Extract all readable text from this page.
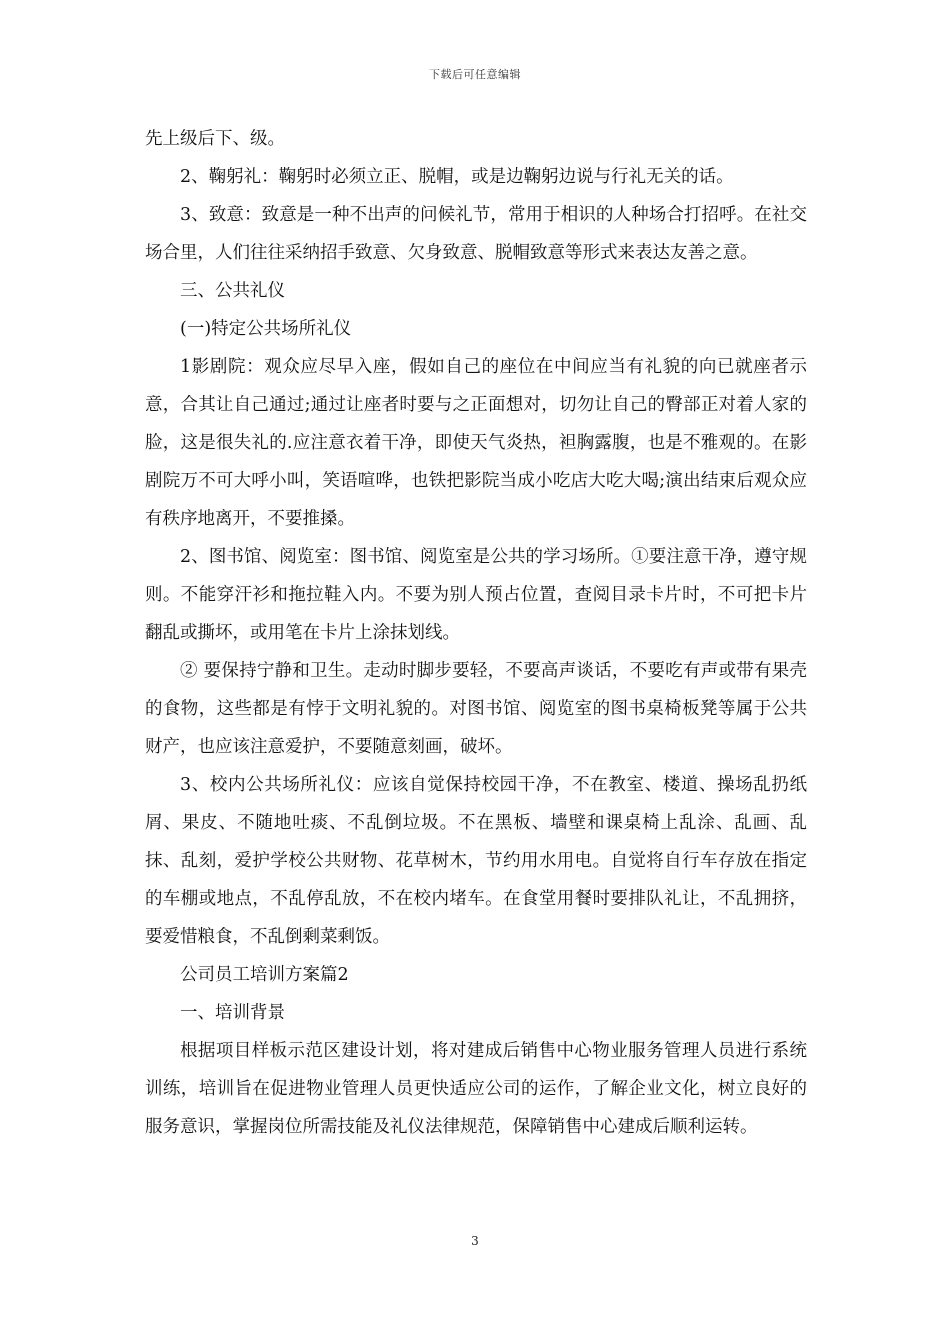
下载后可任意编辑

先上级后下、级。

2、鞠躬礼：鞠躬时必须立正、脱帽，或是边鞠躬边说与行礼无关的话。

3、致意：致意是一种不出声的问候礼节，常用于相识的人种场合打招呼。在社交场合里，人们往往采纳招手致意、欠身致意、脱帽致意等形式来表达友善之意。

三、公共礼仪

(一)特定公共场所礼仪

1影剧院：观众应尽早入座，假如自己的座位在中间应当有礼貌的向已就座者示意，合其让自己通过;通过让座者时要与之正面想对，切勿让自己的臀部正对着人家的脸，这是很失礼的.应注意衣着干净，即使天气炎热，袒胸露腹，也是不雅观的。在影剧院万不可大呼小叫，笑语喧哗，也铁把影院当成小吃店大吃大喝;演出结束后观众应有秩序地离开，不要推搡。

2、图书馆、阅览室：图书馆、阅览室是公共的学习场所。①要注意干净，遵守规则。不能穿汗衫和拖拉鞋入内。不要为别人预占位置，查阅目录卡片时，不可把卡片翻乱或撕坏，或用笔在卡片上涂抹划线。

② 要保持宁静和卫生。走动时脚步要轻，不要高声谈话，不要吃有声或带有果壳的食物，这些都是有悖于文明礼貌的。对图书馆、阅览室的图书桌椅板凳等属于公共财产，也应该注意爱护，不要随意刻画，破坏。

3、校内公共场所礼仪：应该自觉保持校园干净，不在教室、楼道、操场乱扔纸屑、果皮、不随地吐痰、不乱倒垃圾。不在黑板、墙壁和课桌椅上乱涂、乱画、乱抹、乱刻，爱护学校公共财物、花草树木，节约用水用电。自觉将自行车存放在指定的车棚或地点，不乱停乱放，不在校内堵车。在食堂用餐时要排队礼让，不乱拥挤，要爱惜粮食，不乱倒剩菜剩饭。

公司员工培训方案篇2

一、培训背景

根据项目样板示范区建设计划，将对建成后销售中心物业服务管理人员进行系统训练，培训旨在促进物业管理人员更快适应公司的运作，了解企业文化，树立良好的服务意识，掌握岗位所需技能及礼仪法律规范，保障销售中心建成后顺利运转。

3
